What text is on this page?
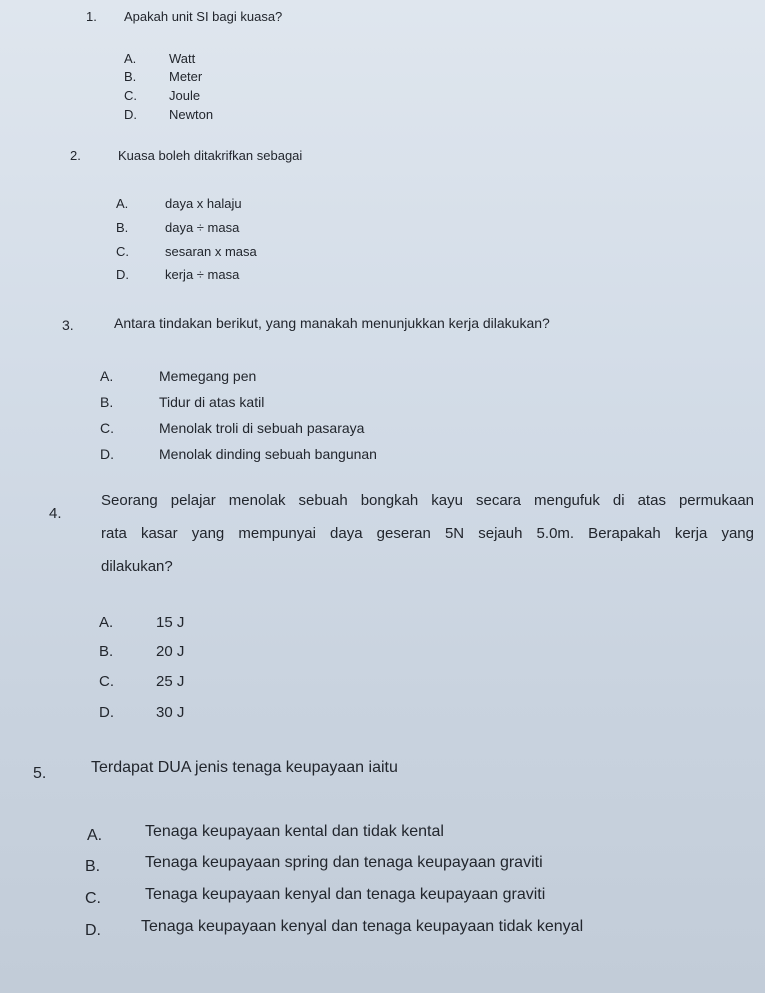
1. Apakah unit SI bagi kuasa?
A.	Watt
B.	Meter
C. Joule
D. Newton
2.	Kuasa boleh ditakrifkan sebagai
A.	daya x halaju
B.	daya ÷ masa
C.	sesaran x masa
D.	kerja ÷ masa
3.	Antara tindakan berikut, yang manakah menunjukkan kerja dilakukan?
A.	Memegang pen
B.	Tidur di atas katil
C.	Menolak troli di sebuah pasaraya
D.	Menolak dinding sebuah bangunan
4.
Seorang pelajar menolak sebuah bongkah kayu secara mengufuk di atas permukaan
rata kasar yang mempunyai daya geseran 5N sejauh 5.0m. Berapakah kerja yang
dilakukan?
A.	15 J
B.	20 J
C.	25 J
D.	30 J
5.	Terdapat DUA jenis tenaga keupayaan iaitu
A.	Tenaga keupayaan kental dan tidak kental
B.	Tenaga keupayaan spring dan tenaga keupayaan graviti
C.	Tenaga keupayaan kenyal dan tenaga keupayaan graviti
D.	Tenaga keupayaan kenyal dan tenaga keupayaan tidak kenyal
